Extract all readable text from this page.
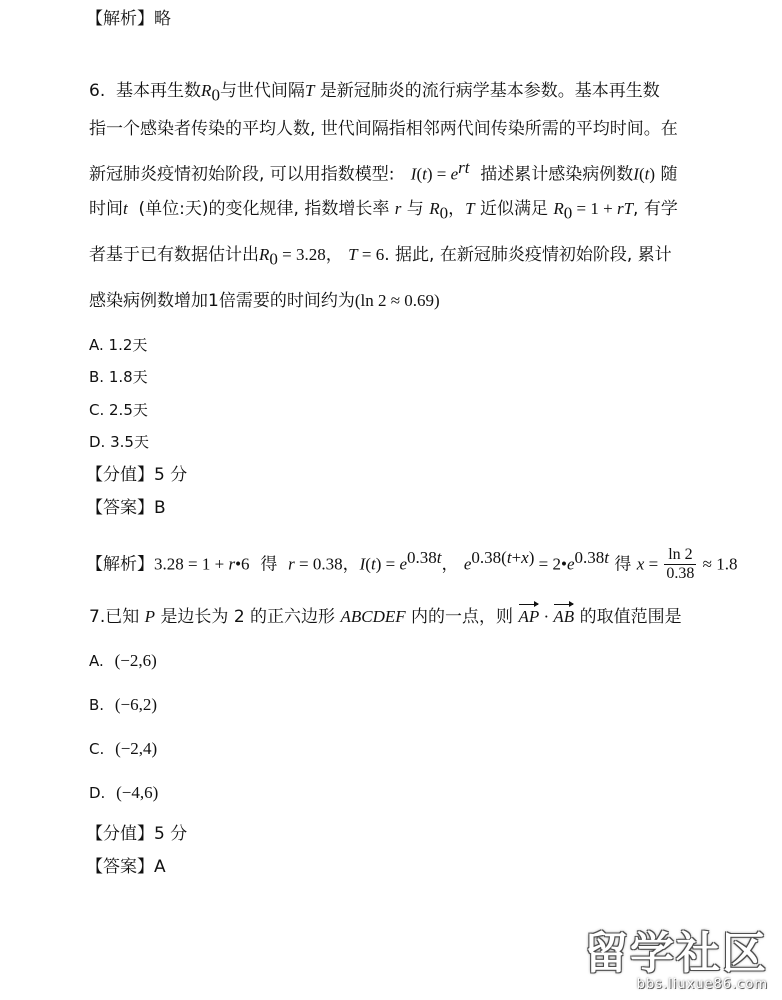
【解析】略
6. 基本再生数$R_0$与世代间隔T 是新冠肺炎的流行病学基本参数。基本再生数
指一个感染者传染的平均人数, 世代间隔指相邻两代间传染所需的平均时间。在
新冠肺炎疫情初始阶段, 可以用指数模型: $I(t) = e^{rt}$ 描述累计感染病例数I(t) 随
时间t (单位:天)的变化规律, 指数增长率 r 与 $R_0$，T 近似满足 $R_0 = 1$ + rT, 有学
者基于已有数据估计出$R_0 = 3.28$， T = 6. 据此, 在新冠肺炎疫情初始阶段, 累计
感染病例数增加1倍需要的时间约为(ln 2 ≈ 0.69)
A. 1.2天
B. 1.8天
C. 2.5天
D. 3.5天
【分值】5 分
【答案】B
【解析】3.28 = 1 + r•6 得 r = 0.38，$I(t) = e^{0.38t}$， $e^{0.38(t+x)}$ = $2•e^{0.38t}$ 得 $x = \frac{\ln 2}{0.38} \approx 1.8$
7.已知 P 是边长为 2 的正六边形 ABCDEF 内的一点，则 AP · AB 的取值范围是
A. (−2,6)
B. (−6,2)
C. (−2,4)
D. (−4,6)
【分值】5 分
【答案】A
留学社区
bbs.liuxue86.com
